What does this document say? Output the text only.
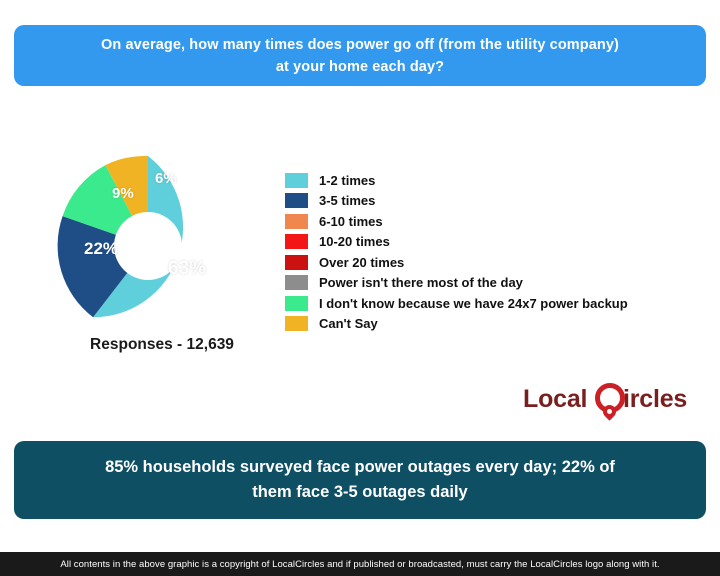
On average, how many times does power go off (from the utility company)
at your home each day?
63%
22%
9%
6%
Responses - 12,639
1-2 times
3-5 times
6-10 times
10-20 times
Over 20 times
Power isn't there most of the day
I don't know because we have 24x7 power backup
Can't Say
Local ircles
85% households surveyed face power outages every day; 22% of
them face 3-5 outages daily
All contents in the above graphic is a copyright of LocalCircles and if published or broadcasted, must carry the LocalCircles logo along with it.
